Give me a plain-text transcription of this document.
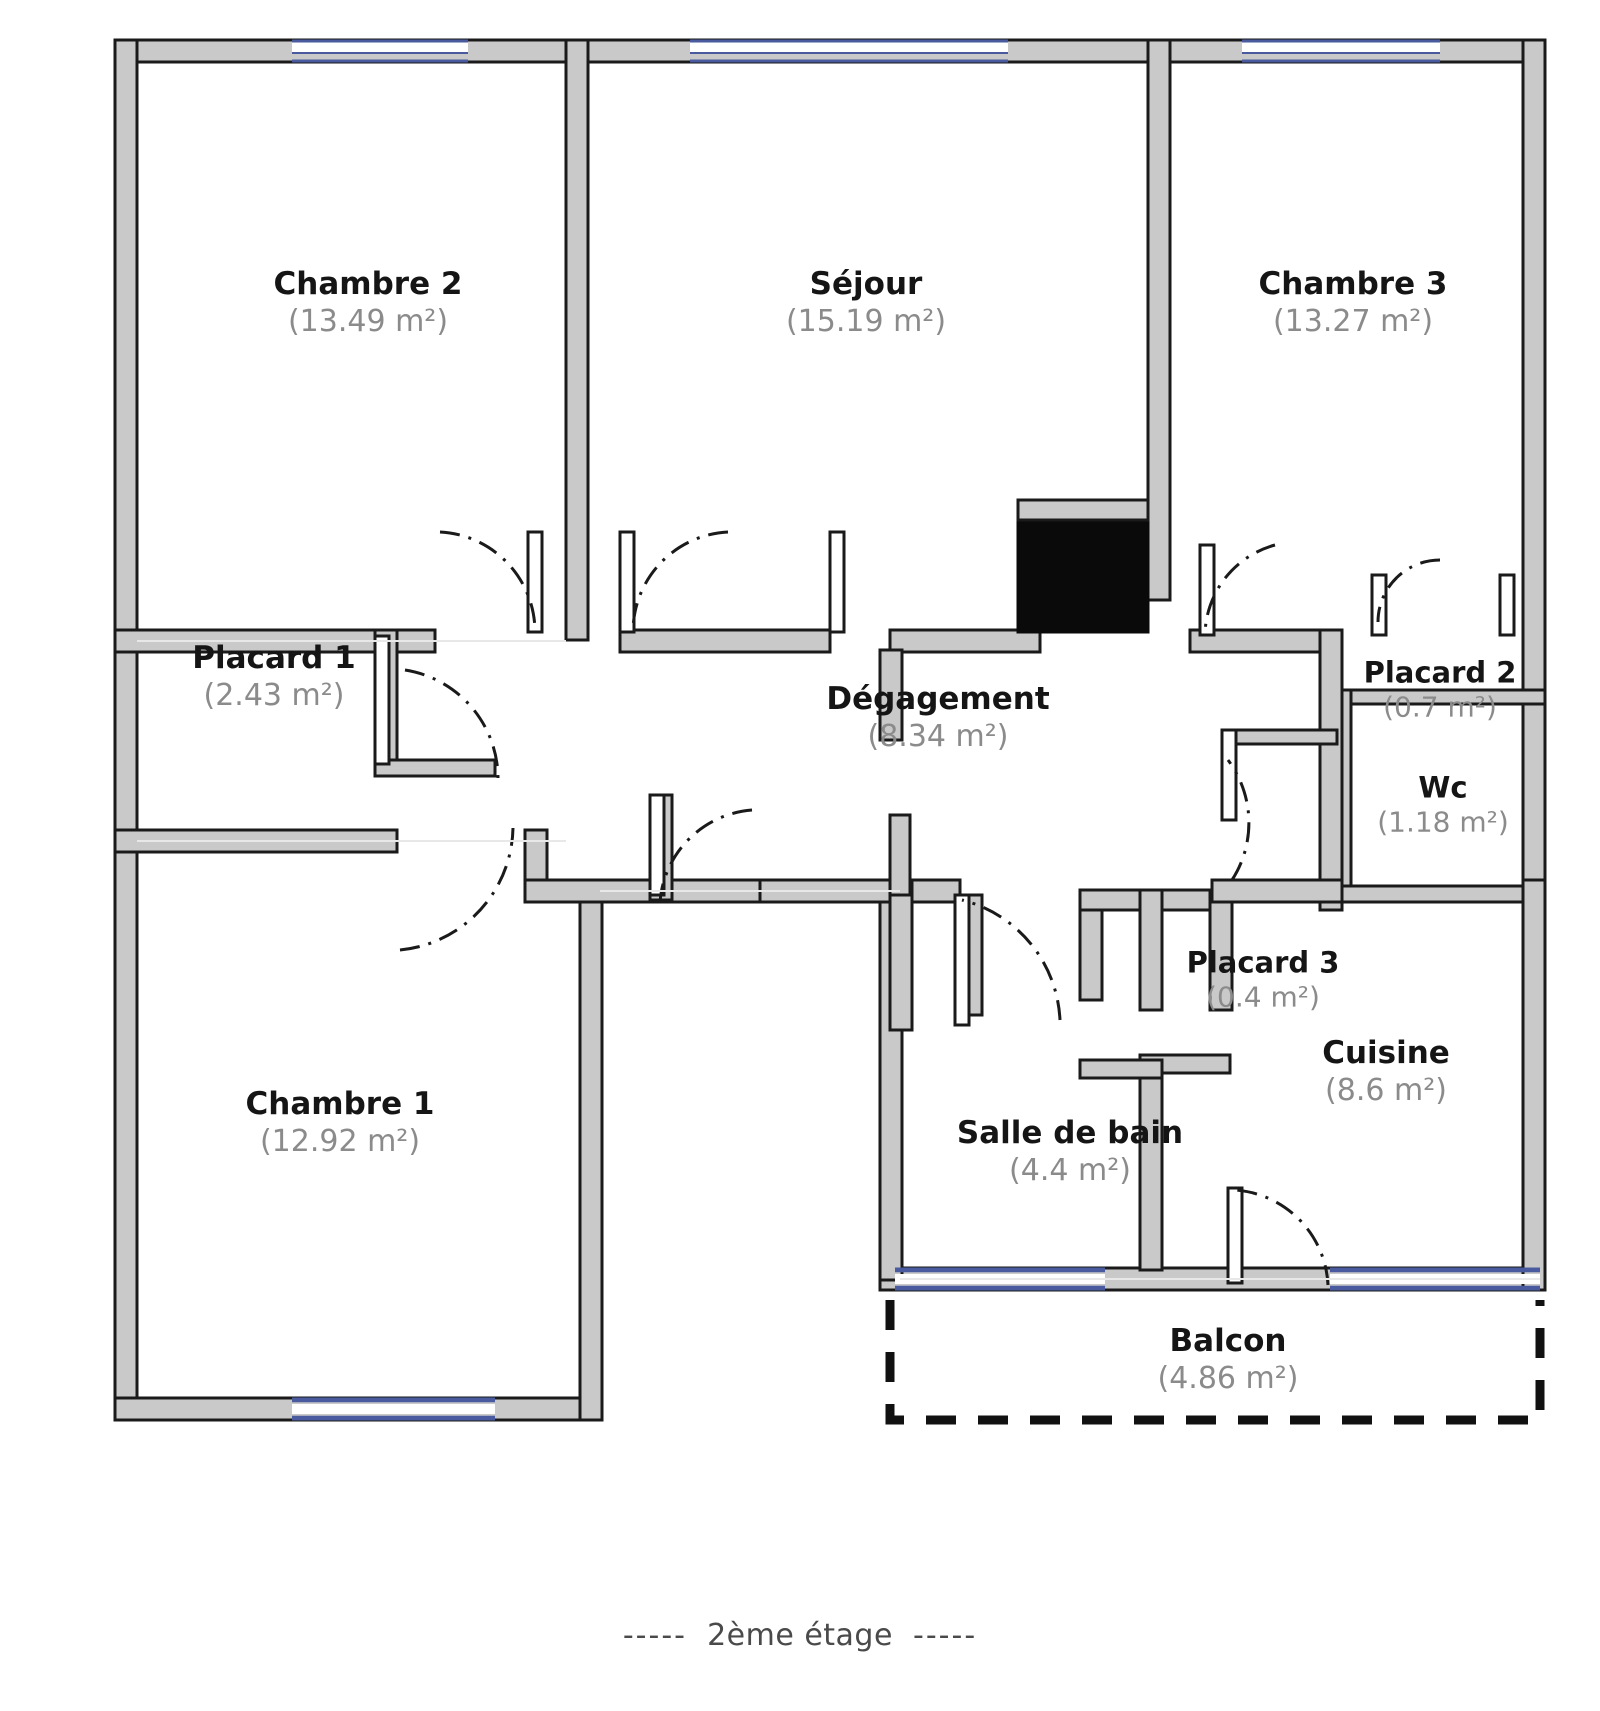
Chambre 2
(13.49 m²)
Séjour
(15.19 m²)
Chambre 3
(13.27 m²)
Placard 1
(2.43 m²)	Dégagement
(8.34 m²)
Placard 2
(0.7 m²)
Wc
(1.18 m²)
Placard 3
(0.4 m²)
Cuisine
(8.6 m²)
Chambre 1
(12.92 m²)	Salle de bain
(4.4 m²)
Balcon
(4.86 m²)
----- 2ème étage -----
